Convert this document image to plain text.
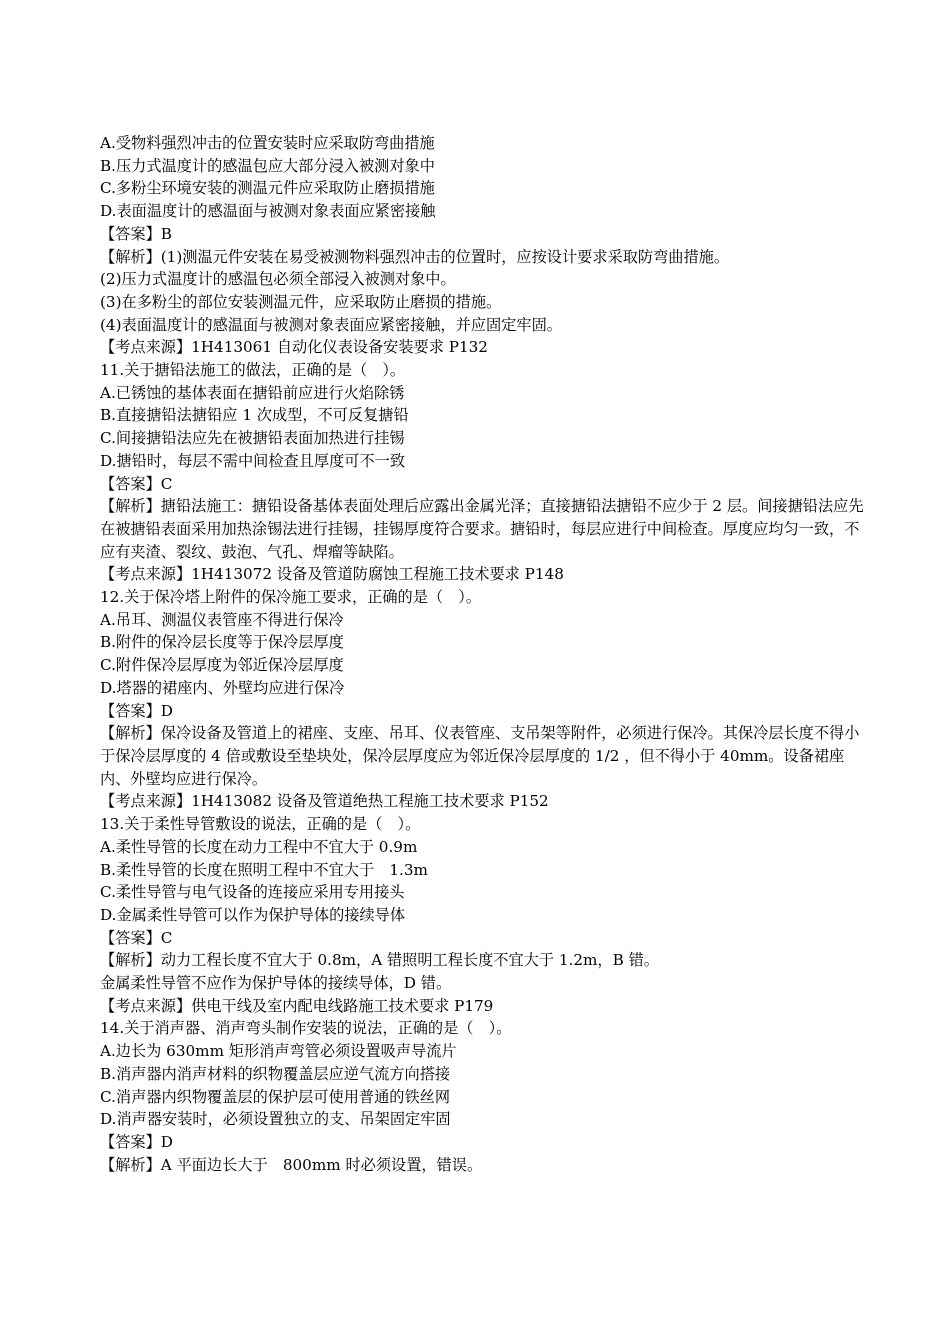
A.受物料强烈冲击的位置安装时应采取防弯曲措施
B.压力式温度计的感温包应大部分浸入被测对象中
C.多粉尘环境安装的测温元件应采取防止磨损措施
D.表面温度计的感温面与被测对象表面应紧密接触
【答案】B
【解析】(1)测温元件安装在易受被测物料强烈冲击的位置时，应按设计要求采取防弯曲措施。
(2)压力式温度计的感温包必须全部浸入被测对象中。
(3)在多粉尘的部位安装测温元件，应采取防止磨损的措施。
(4)表面温度计的感温面与被测对象表面应紧密接触，并应固定牢固。
【考点来源】1H413061 自动化仪表设备安装要求 P132
11.关于搪铅法施工的做法，正确的是（　）。
A.已锈蚀的基体表面在搪铅前应进行火焰除锈
B.直接搪铅法搪铅应 1 次成型，不可反复搪铅
C.间接搪铅法应先在被搪铅表面加热进行挂锡
D.搪铅时，每层不需中间检查且厚度可不一致
【答案】C
【解析】搪铅法施工：搪铅设备基体表面处理后应露出金属光泽；直接搪铅法搪铅不应少于 2 层。间接搪铅法应先在被搪铅表面采用加热涂锡法进行挂锡，挂锡厚度符合要求。搪铅时，每层应进行中间检查。厚度应均匀一致，不应有夹渣、裂纹、鼓泡、气孔、焊瘤等缺陷。
【考点来源】1H413072 设备及管道防腐蚀工程施工技术要求 P148
12.关于保冷塔上附件的保冷施工要求，正确的是（　）。
A.吊耳、测温仪表管座不得进行保冷
B.附件的保冷层长度等于保冷层厚度
C.附件保冷层厚度为邻近保冷层厚度
D.塔器的裙座内、外壁均应进行保冷
【答案】D
【解析】保冷设备及管道上的裙座、支座、吊耳、仪表管座、支吊架等附件，必须进行保冷。其保冷层长度不得小于保冷层厚度的 4 倍或敷设至垫块处，保冷层厚度应为邻近保冷层厚度的 1/2 ，但不得小于 40mm。设备裙座内、外壁均应进行保冷。
【考点来源】1H413082 设备及管道绝热工程施工技术要求 P152
13.关于柔性导管敷设的说法，正确的是（　）。
A.柔性导管的长度在动力工程中不宜大于 0.9m
B.柔性导管的长度在照明工程中不宜大于　1.3m
C.柔性导管与电气设备的连接应采用专用接头
D.金属柔性导管可以作为保护导体的接续导体
【答案】C
【解析】动力工程长度不宜大于 0.8m，A 错照明工程长度不宜大于 1.2m，B 错。
金属柔性导管不应作为保护导体的接续导体，D 错。
【考点来源】供电干线及室内配电线路施工技术要求 P179
14.关于消声器、消声弯头制作安装的说法，正确的是（　）。
A.边长为 630mm 矩形消声弯管必须设置吸声导流片
B.消声器内消声材料的织物覆盖层应逆气流方向搭接
C.消声器内织物覆盖层的保护层可使用普通的铁丝网
D.消声器安装时，必须设置独立的支、吊架固定牢固
【答案】D
【解析】A 平面边长大于　800mm 时必须设置，错误。
